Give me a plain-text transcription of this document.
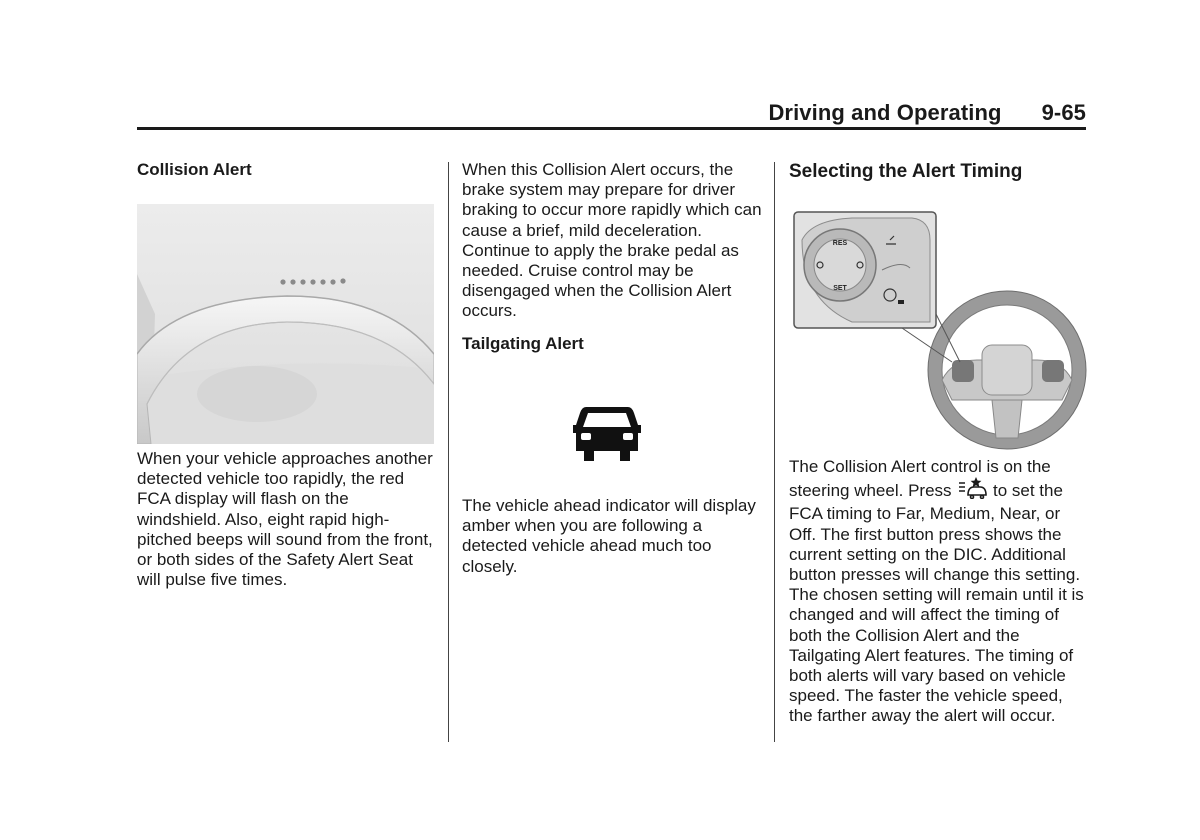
Driving and Operating 9-65

Collision Alert

When your vehicle approaches another detected vehicle too rapidly, the red FCA display will flash on the windshield. Also, eight rapid high-pitched beeps will sound from the front, or both sides of the Safety Alert Seat will pulse five times.

When this Collision Alert occurs, the brake system may prepare for driver braking to occur more rapidly which can cause a brief, mild deceleration. Continue to apply the brake pedal as needed. Cruise control may be disengaged when the Collision Alert occurs.

Tailgating Alert

The vehicle ahead indicator will display amber when you are following a detected vehicle ahead much too closely.

Selecting the Alert Timing

RES
SET

The Collision Alert control is on the steering wheel. Press to set the FCA timing to Far, Medium, Near, or Off. The first button press shows the current setting on the DIC. Additional button presses will change this setting. The chosen setting will remain until it is changed and will affect the timing of both the Collision Alert and the Tailgating Alert features. The timing of both alerts will vary based on vehicle speed. The faster the vehicle speed, the farther away the alert will occur.
